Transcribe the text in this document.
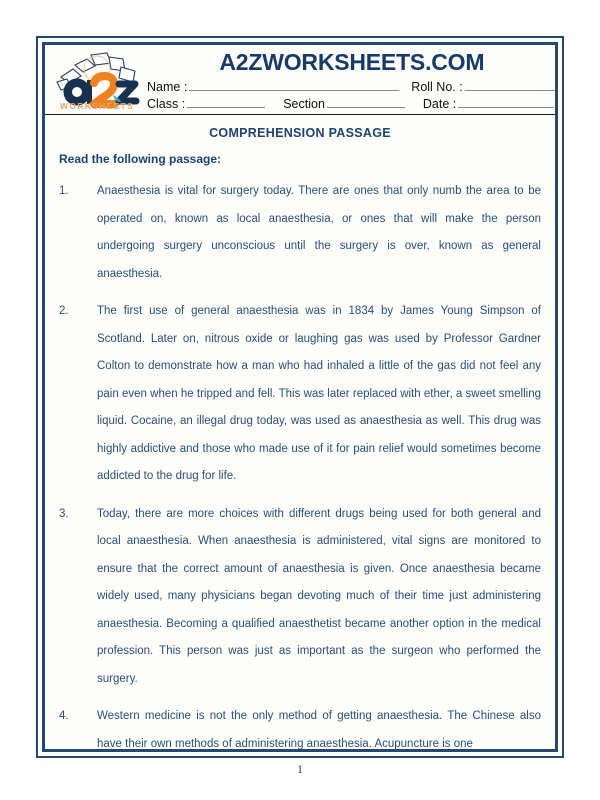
WORKSHEETS
A2ZWORKSHEETS.COM
Name :	Roll No. :
Class :	Section	Date :
COMPREHENSION PASSAGE
Read the following passage:
1.	Anaesthesia is vital for surgery today. There are ones that only numb the area to be operated on, known as local anaesthesia, or ones that will make the person undergoing surgery unconscious until the surgery is over, known as general anaesthesia.
2.	The first use of general anaesthesia was in 1834 by James Young Simpson of Scotland. Later on, nitrous oxide or laughing gas was used by Professor Gardner Colton to demonstrate how a man who had inhaled a little of the gas did not feel any pain even when he tripped and fell. This was later replaced with ether, a sweet smelling liquid. Cocaine, an illegal drug today, was used as anaesthesia as well. This drug was highly addictive and those who made use of it for pain relief would sometimes become addicted to the drug for life.
3.	Today, there are more choices with different drugs being used for both general and local anaesthesia. When anaesthesia is administered, vital signs are monitored to ensure that the correct amount of anaesthesia is given. Once anaesthesia became widely used, many physicians began devoting much of their time just administering anaesthesia. Becoming a qualified anaesthetist became another option in the medical profession. This person was just as important as the surgeon who performed the surgery.
4.	Western medicine is not the only method of getting anaesthesia. The Chinese also have their own methods of administering anaesthesia. Acupuncture is one
1
